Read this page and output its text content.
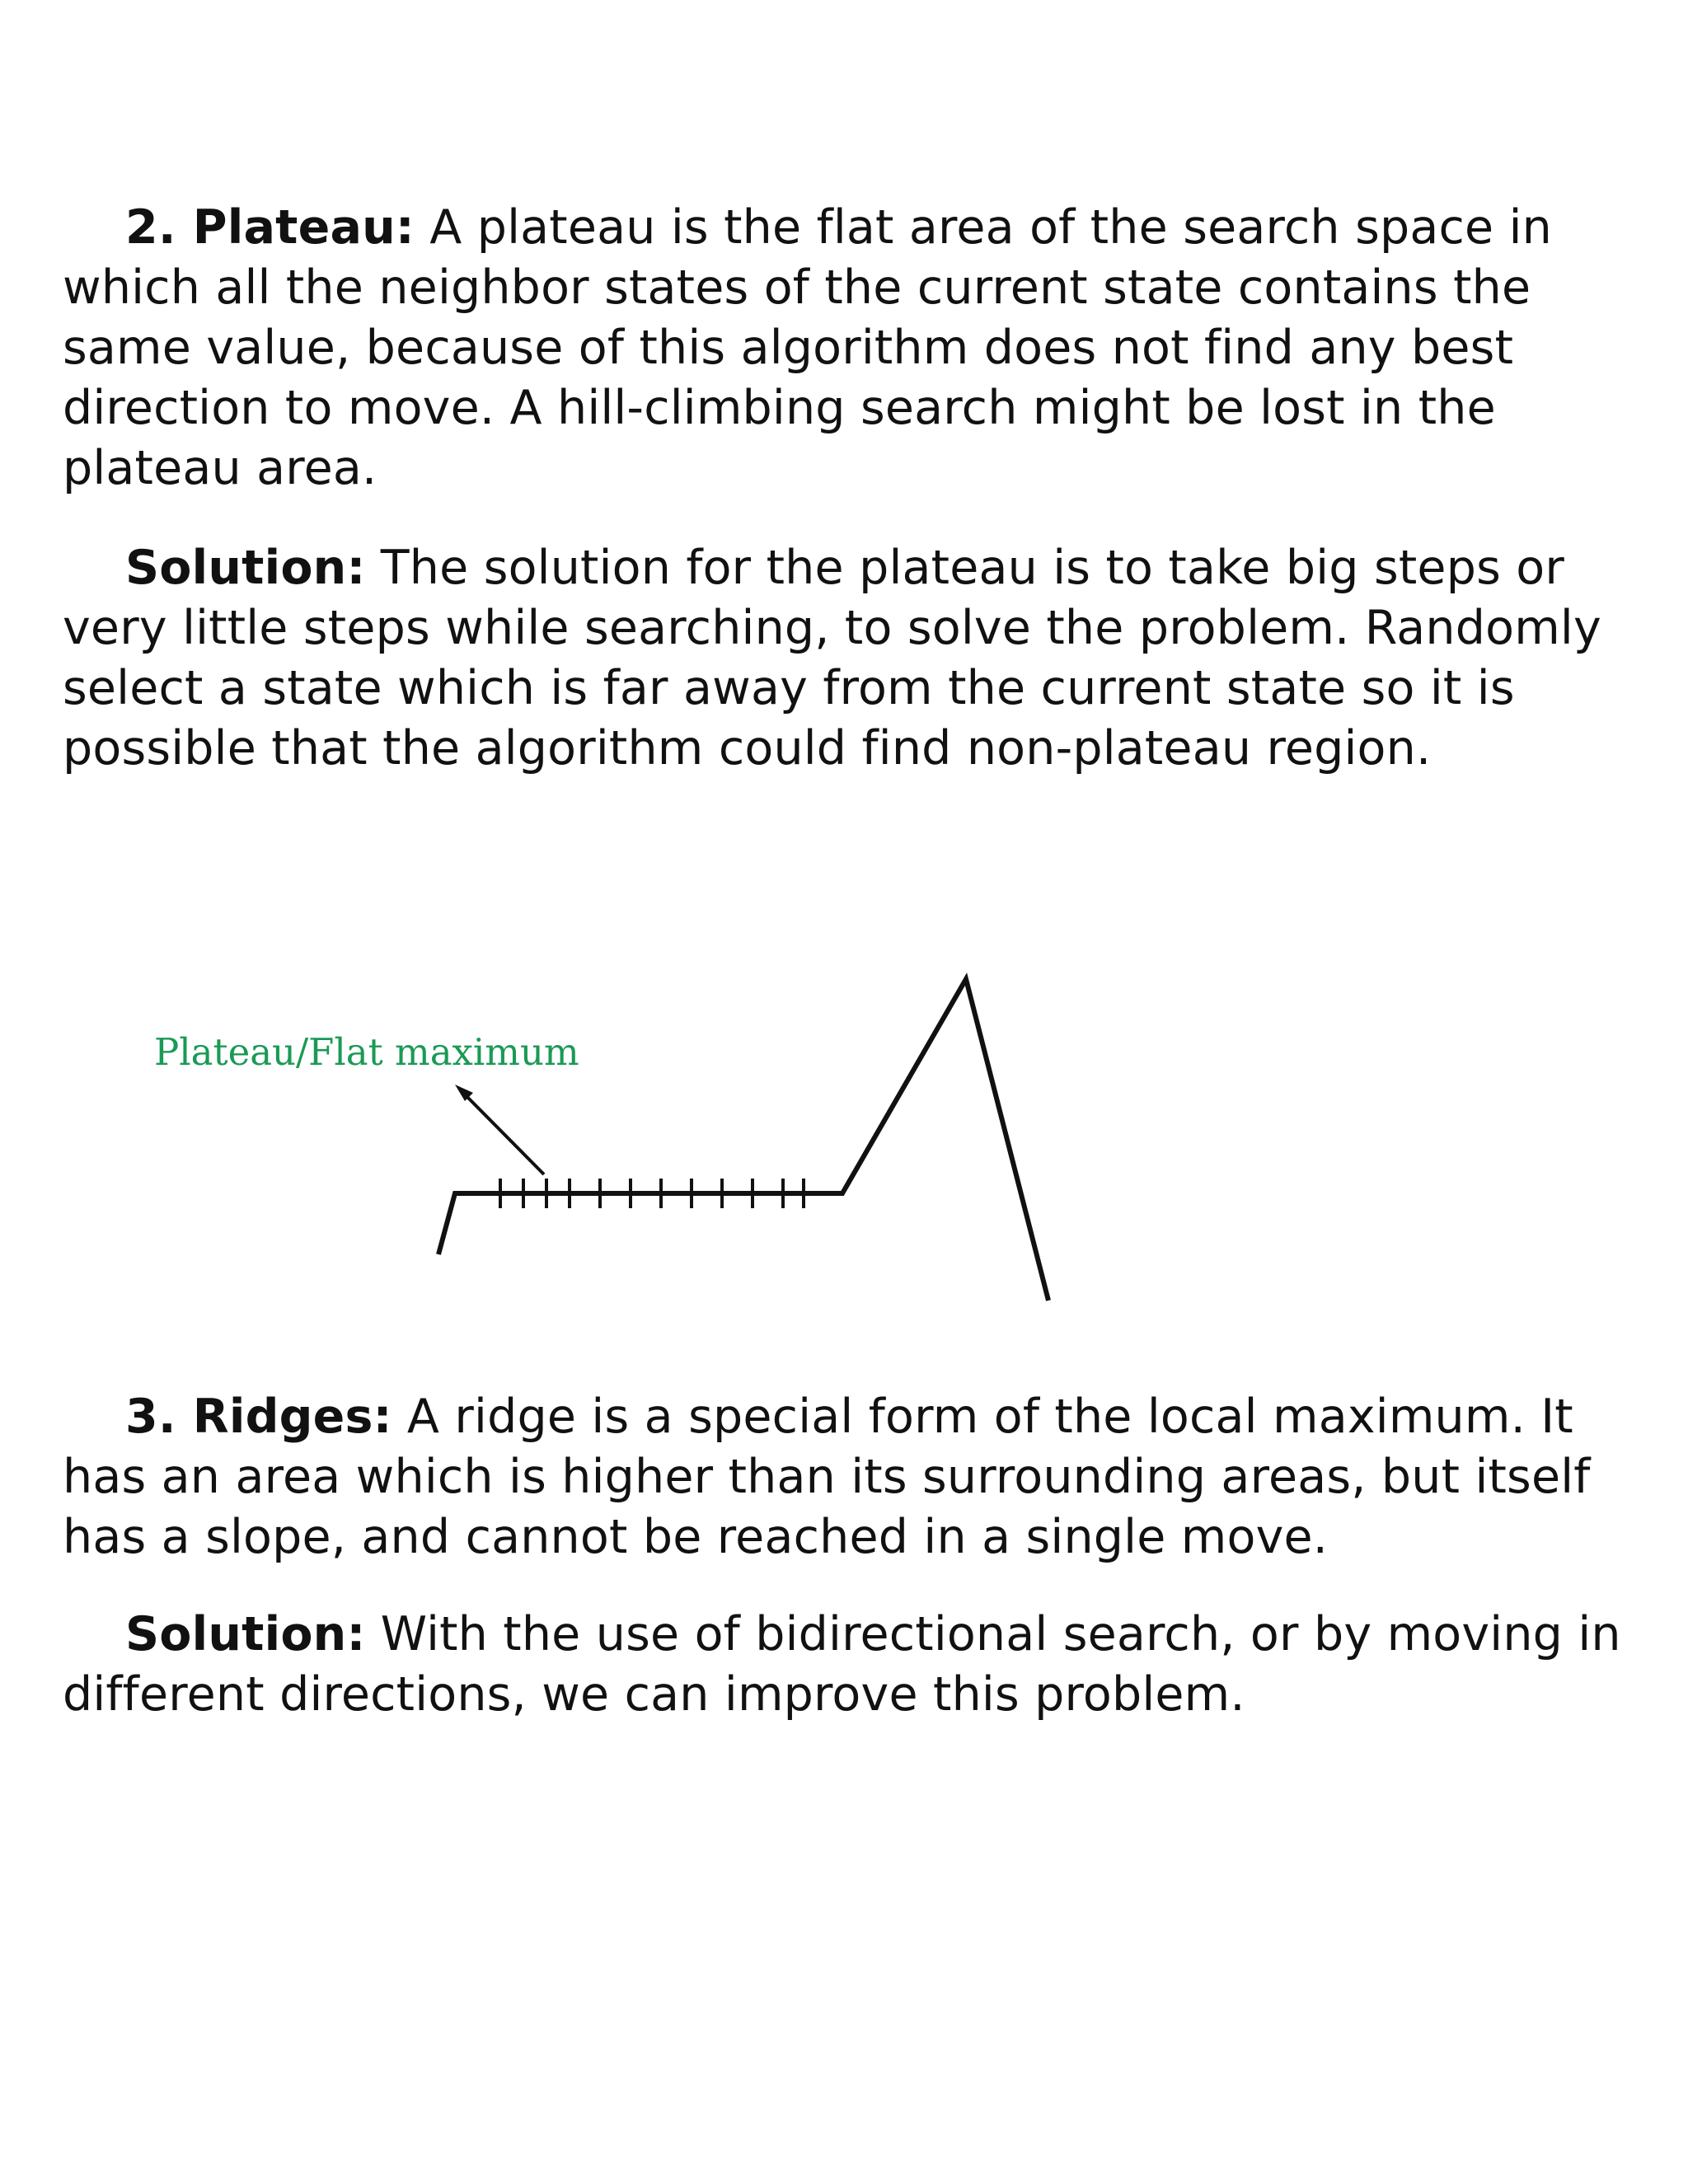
2. Plateau: A plateau is the flat area of the search space in which all the neighbor states of the current state contains the same value, because of this algorithm does not find any best direction to move. A hill-climbing search might be lost in the plateau area.

Solution: The solution for the plateau is to take big steps or very little steps while searching, to solve the problem. Randomly select a state which is far away from the current state so it is possible that the algorithm could find non-plateau region.

Plateau/Flat maximum

3. Ridges: A ridge is a special form of the local maximum. It has an area which is higher than its surrounding areas, but itself has a slope, and cannot be reached in a single move.

Solution: With the use of bidirectional search, or by moving in different directions, we can improve this problem.
